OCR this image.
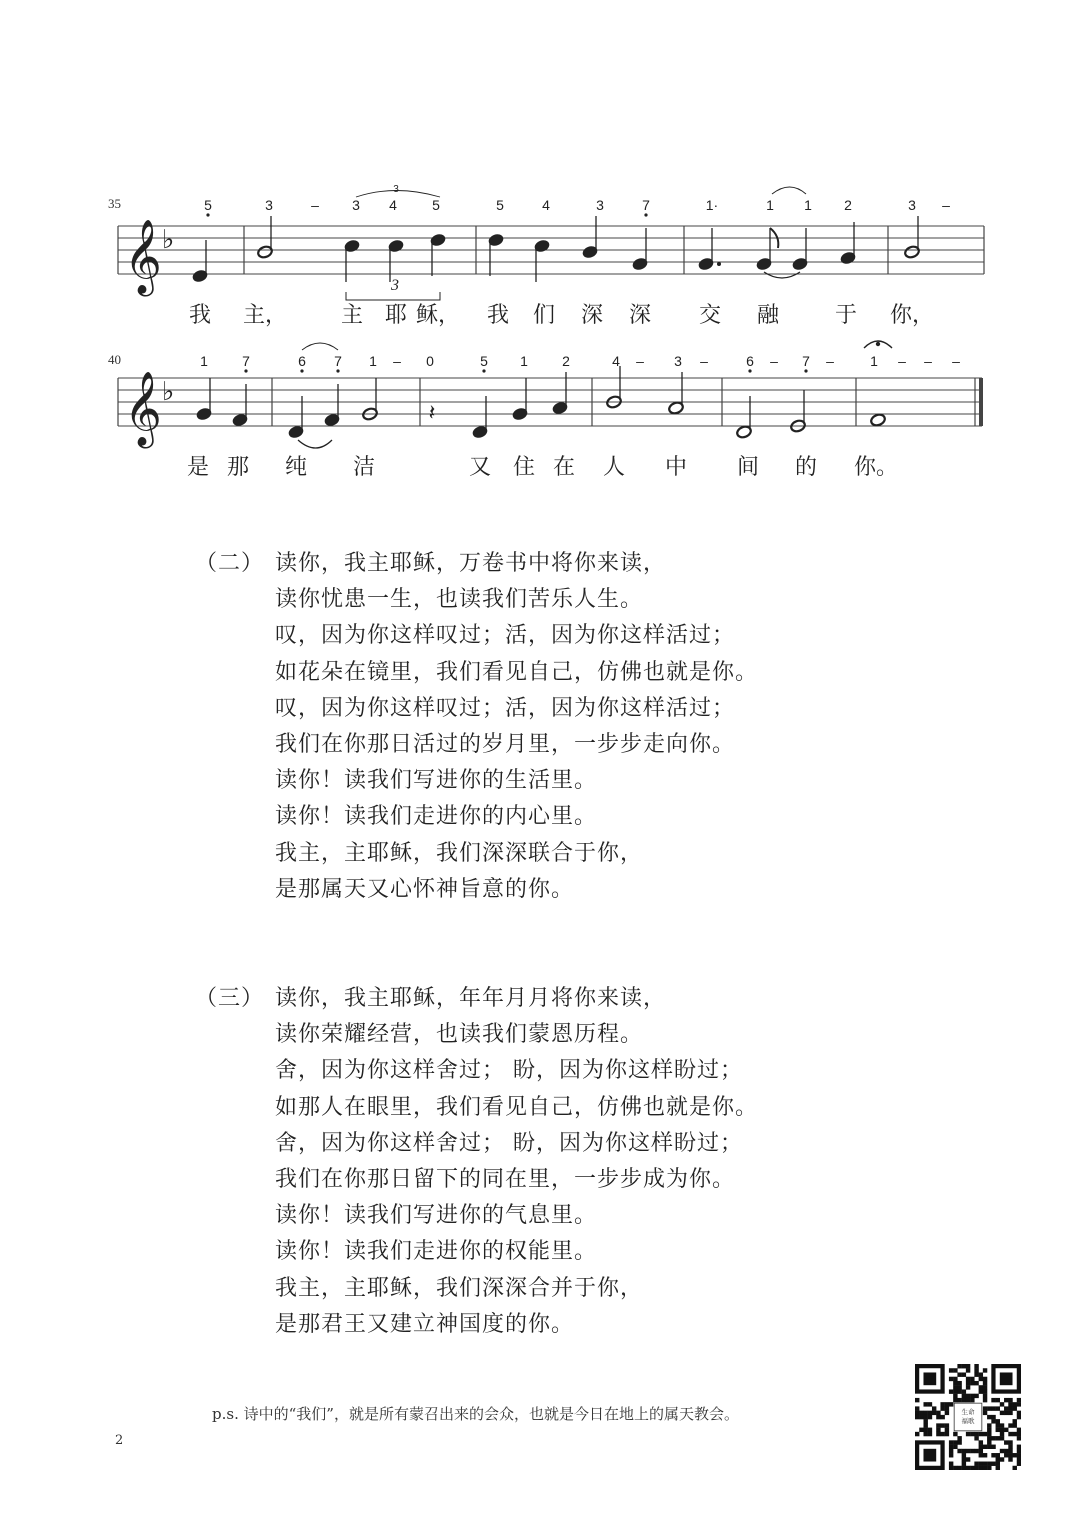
𝄞 ♭
5	3	– 3 4	5	5	4	3	7	1·	1 1 2	3 –
3
3
我 主， 主 耶 稣， 我 们 深 深 交 融	于 你，
𝄞 ♭
1 7	6 7 1 – 0	5 1 2	4 – 3 –	6 – 7 –	1 – – –
𝄽
是 那 纯 洁	又 住 在 人 中 间 的 你。
35
40
（二） 读你，我主耶稣，万卷书中将你来读，
读你忧患一生，也读我们苦乐人生。
叹，因为你这样叹过；活，因为你这样活过；
如花朵在镜里，我们看见自己，仿佛也就是你。
叹，因为你这样叹过；活，因为你这样活过；
我们在你那日活过的岁月里，一步步走向你。
读你！读我们写进你的生活里。
读你！读我们走进你的内心里。
我主，主耶稣，我们深深联合于你，
是那属天又心怀神旨意的你。
（三） 读你，我主耶稣，年年月月将你来读，
读你荣耀经营，也读我们蒙恩历程。
舍，因为你这样舍过； 盼，因为你这样盼过；
如那人在眼里，我们看见自己，仿佛也就是你。
舍，因为你这样舍过； 盼，因为你这样盼过；
我们在你那日留下的同在里，一步步成为你。
读你！读我们写进你的气息里。
读你！读我们走进你的权能里。
我主，主耶稣，我们深深合并于你，
是那君王又建立神国度的你。
p.s. 诗中的“我们”，就是所有蒙召出来的会众，也就是今日在地上的属天教会。
2
生命
福歌
